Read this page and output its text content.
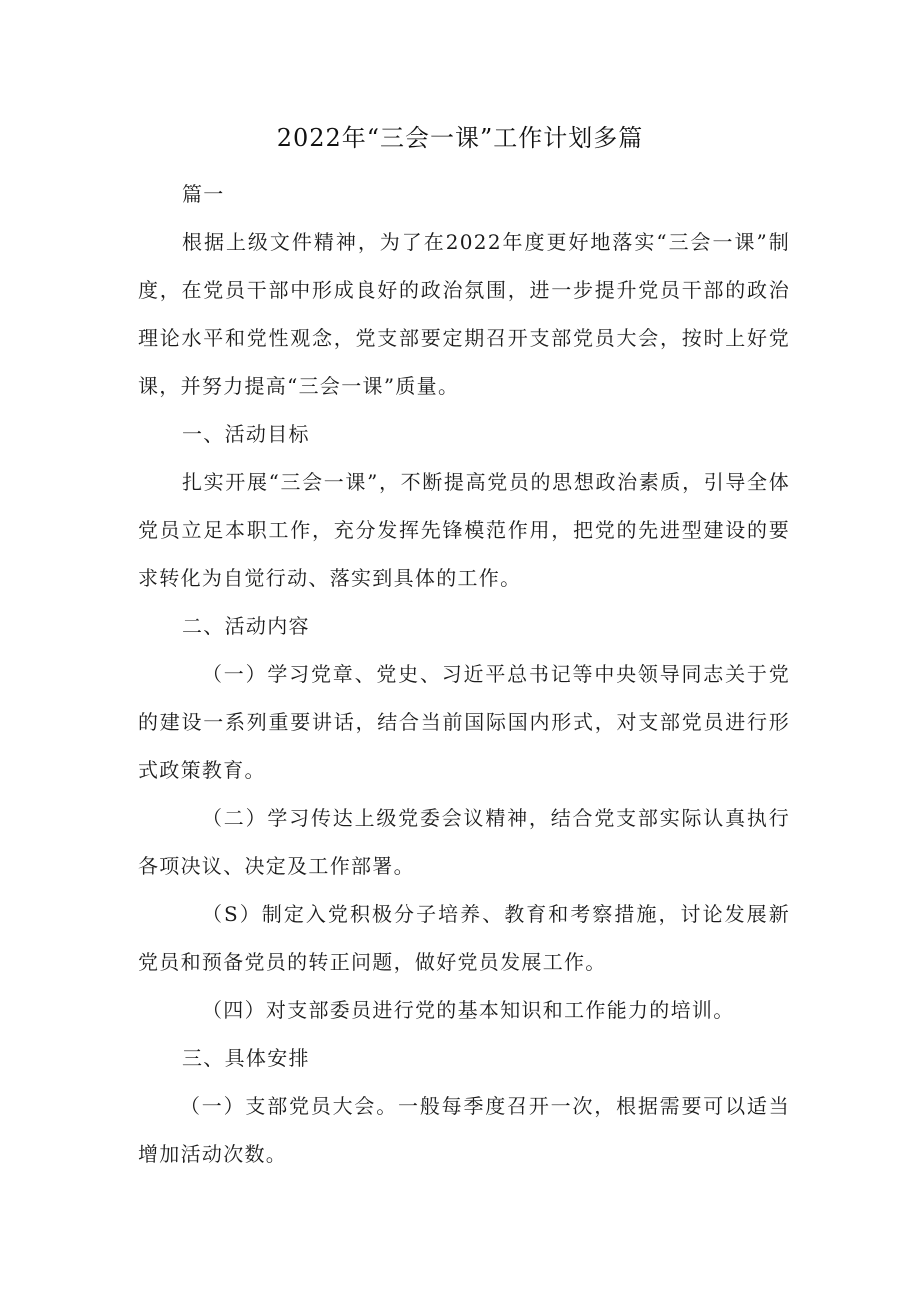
2022年“三会一课”工作计划多篇

篇一

根据上级文件精神，为了在2022年度更好地落实“三会一课”制度，在党员干部中形成良好的政治氛围，进一步提升党员干部的政治理论水平和党性观念，党支部要定期召开支部党员大会，按时上好党课，并努力提高“三会一课”质量。

一、活动目标

扎实开展“三会一课”，不断提高党员的思想政治素质，引导全体党员立足本职工作，充分发挥先锋模范作用，把党的先进型建设的要求转化为自觉行动、落实到具体的工作。

二、活动内容

（一）学习党章、党史、习近平总书记等中央领导同志关于党的建设一系列重要讲话，结合当前国际国内形式，对支部党员进行形式政策教育。

（二）学习传达上级党委会议精神，结合党支部实际认真执行各项决议、决定及工作部署。

（S）制定入党积极分子培养、教育和考察措施，讨论发展新党员和预备党员的转正问题，做好党员发展工作。

（四）对支部委员进行党的基本知识和工作能力的培训。

三、具体安排

（一）支部党员大会。一般每季度召开一次，根据需要可以适当增加活动次数。
